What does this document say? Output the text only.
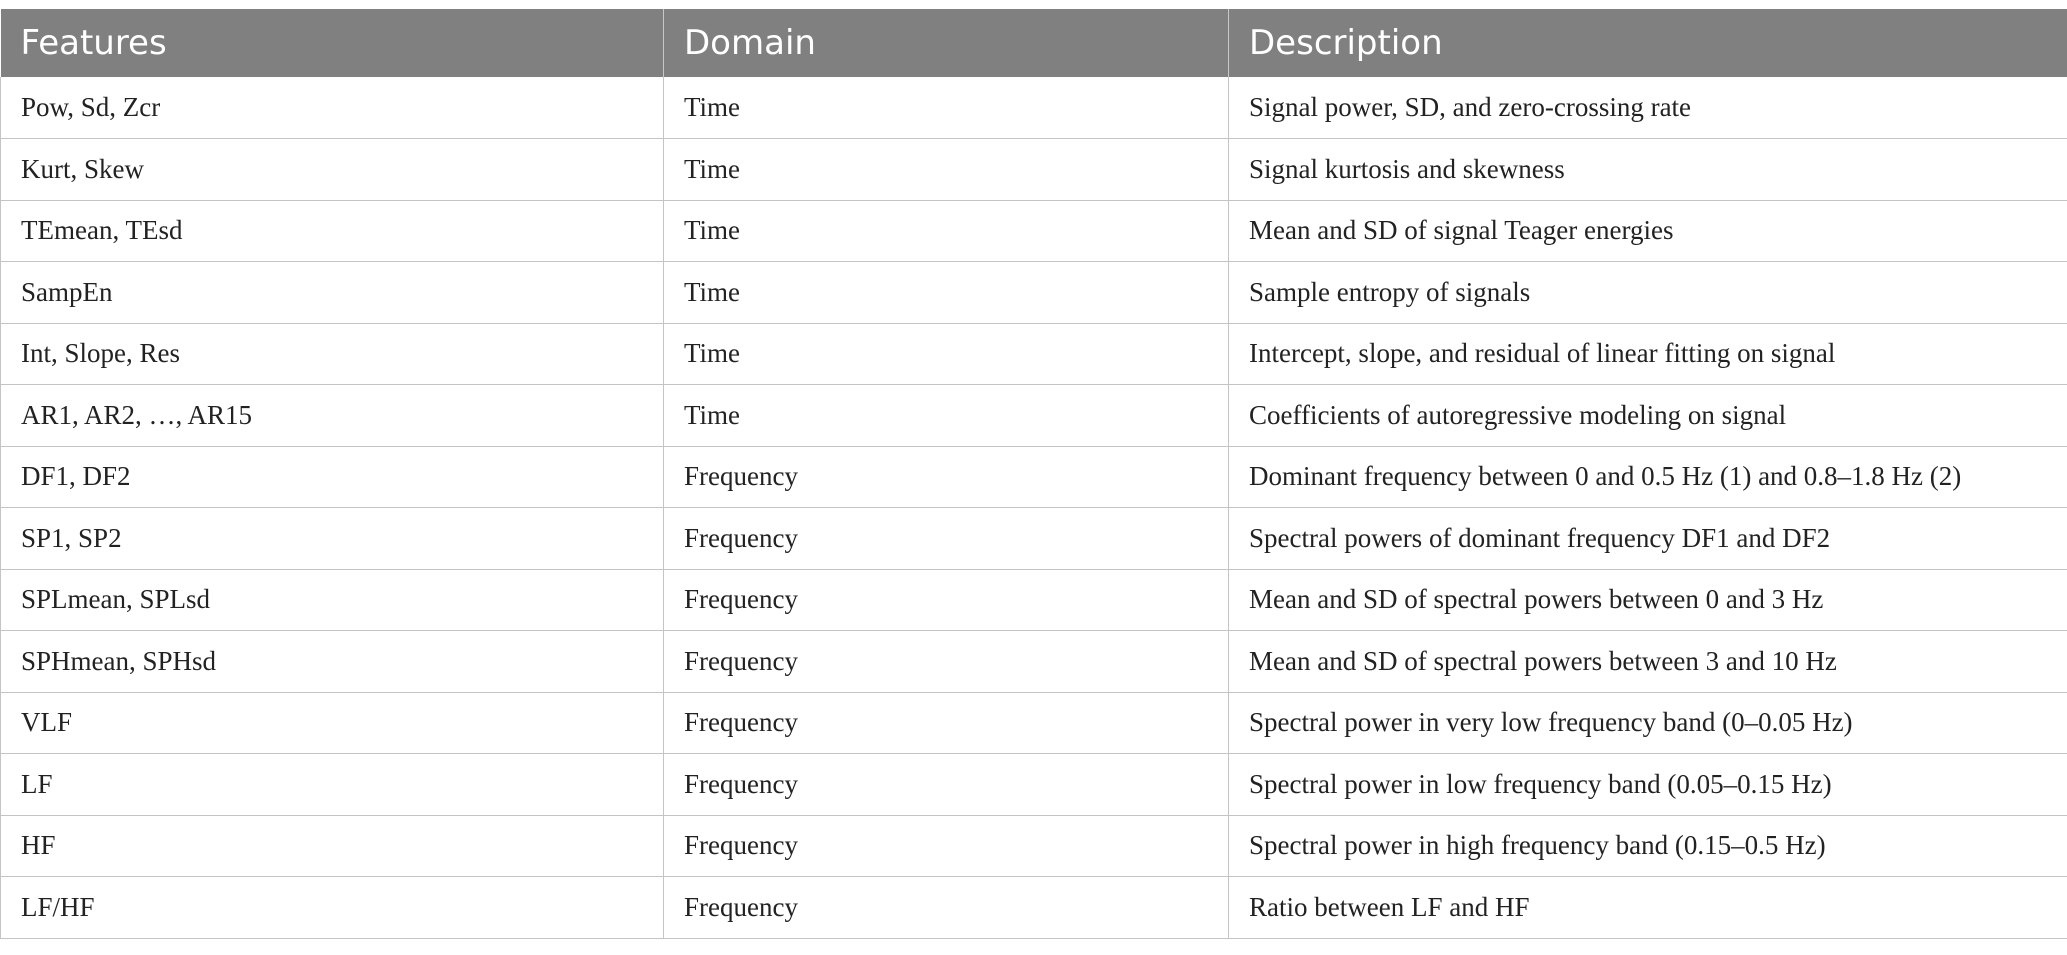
Features	Domain	Description
Pow, Sd, Zcr	Time	Signal power, SD, and zero-crossing rate
Kurt, Skew	Time	Signal kurtosis and skewness
TEmean, TEsd	Time	Mean and SD of signal Teager energies
SampEn	Time	Sample entropy of signals
Int, Slope, Res	Time	Intercept, slope, and residual of linear fitting on signal
AR1, AR2, …, AR15	Time	Coefficients of autoregressive modeling on signal
DF1, DF2	Frequency	Dominant frequency between 0 and 0.5 Hz (1) and 0.8–1.8 Hz (2)
SP1, SP2	Frequency	Spectral powers of dominant frequency DF1 and DF2
SPLmean, SPLsd	Frequency	Mean and SD of spectral powers between 0 and 3 Hz
SPHmean, SPHsd	Frequency	Mean and SD of spectral powers between 3 and 10 Hz
VLF	Frequency	Spectral power in very low frequency band (0–0.05 Hz)
LF	Frequency	Spectral power in low frequency band (0.05–0.15 Hz)
HF	Frequency	Spectral power in high frequency band (0.15–0.5 Hz)
LF/HF	Frequency	Ratio between LF and HF
